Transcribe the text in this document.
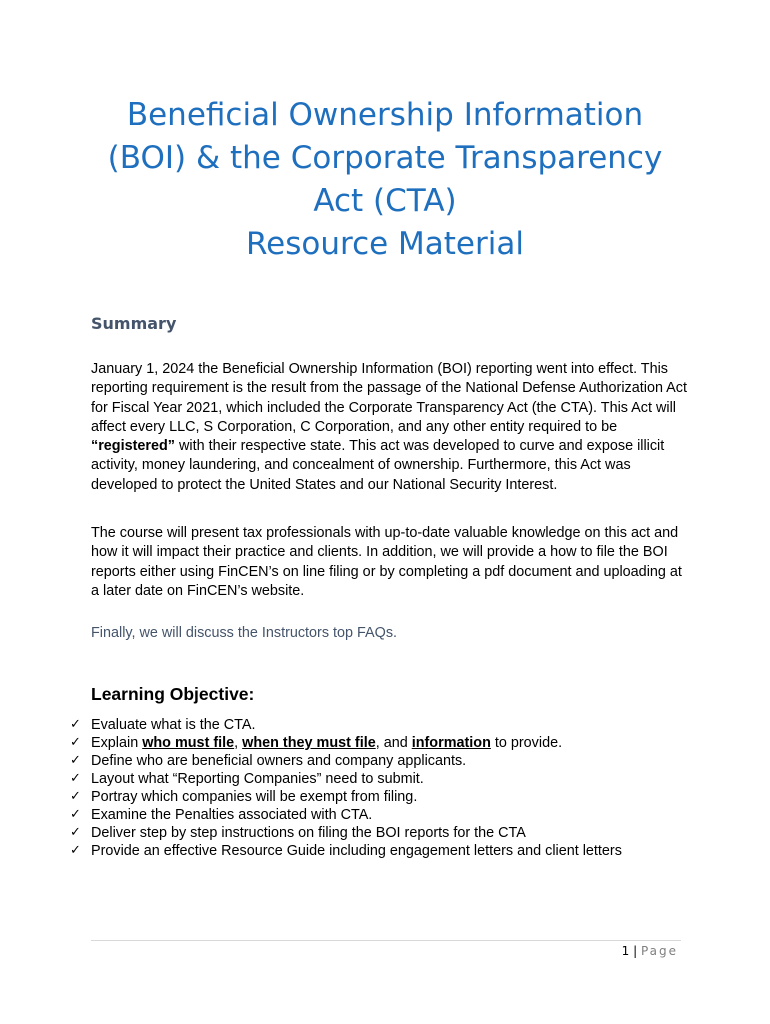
Beneficial Ownership Information
(BOI) & the Corporate Transparency
Act (CTA)
Resource Material
Summary

January 1, 2024 the Beneficial Ownership Information (BOI) reporting went into effect. This reporting requirement is the result from the passage of the National Defense Authorization Act for Fiscal Year 2021, which included the Corporate Transparency Act (the CTA). This Act will affect every LLC, S Corporation, C Corporation, and any other entity required to be “registered” with their respective state. This act was developed to curve and expose illicit activity, money laundering, and concealment of ownership. Furthermore, this Act was developed to protect the United States and our National Security Interest.

The course will present tax professionals with up-to-date valuable knowledge on this act and how it will impact their practice and clients. In addition, we will provide a how to file the BOI reports either using FinCEN’s on line filing or by completing a pdf document and uploading at a later date on FinCEN’s website.

Finally, we will discuss the Instructors top FAQs.

Learning Objective:
✓ Evaluate what is the CTA.
✓ Explain who must file, when they must file, and information to provide.
✓ Define who are beneficial owners and company applicants.
✓ Layout what “Reporting Companies” need to submit.
✓ Portray which companies will be exempt from filing.
✓ Examine the Penalties associated with CTA.
✓ Deliver step by step instructions on filing the BOI reports for the CTA
✓ Provide an effective Resource Guide including engagement letters and client letters
1 | Page
